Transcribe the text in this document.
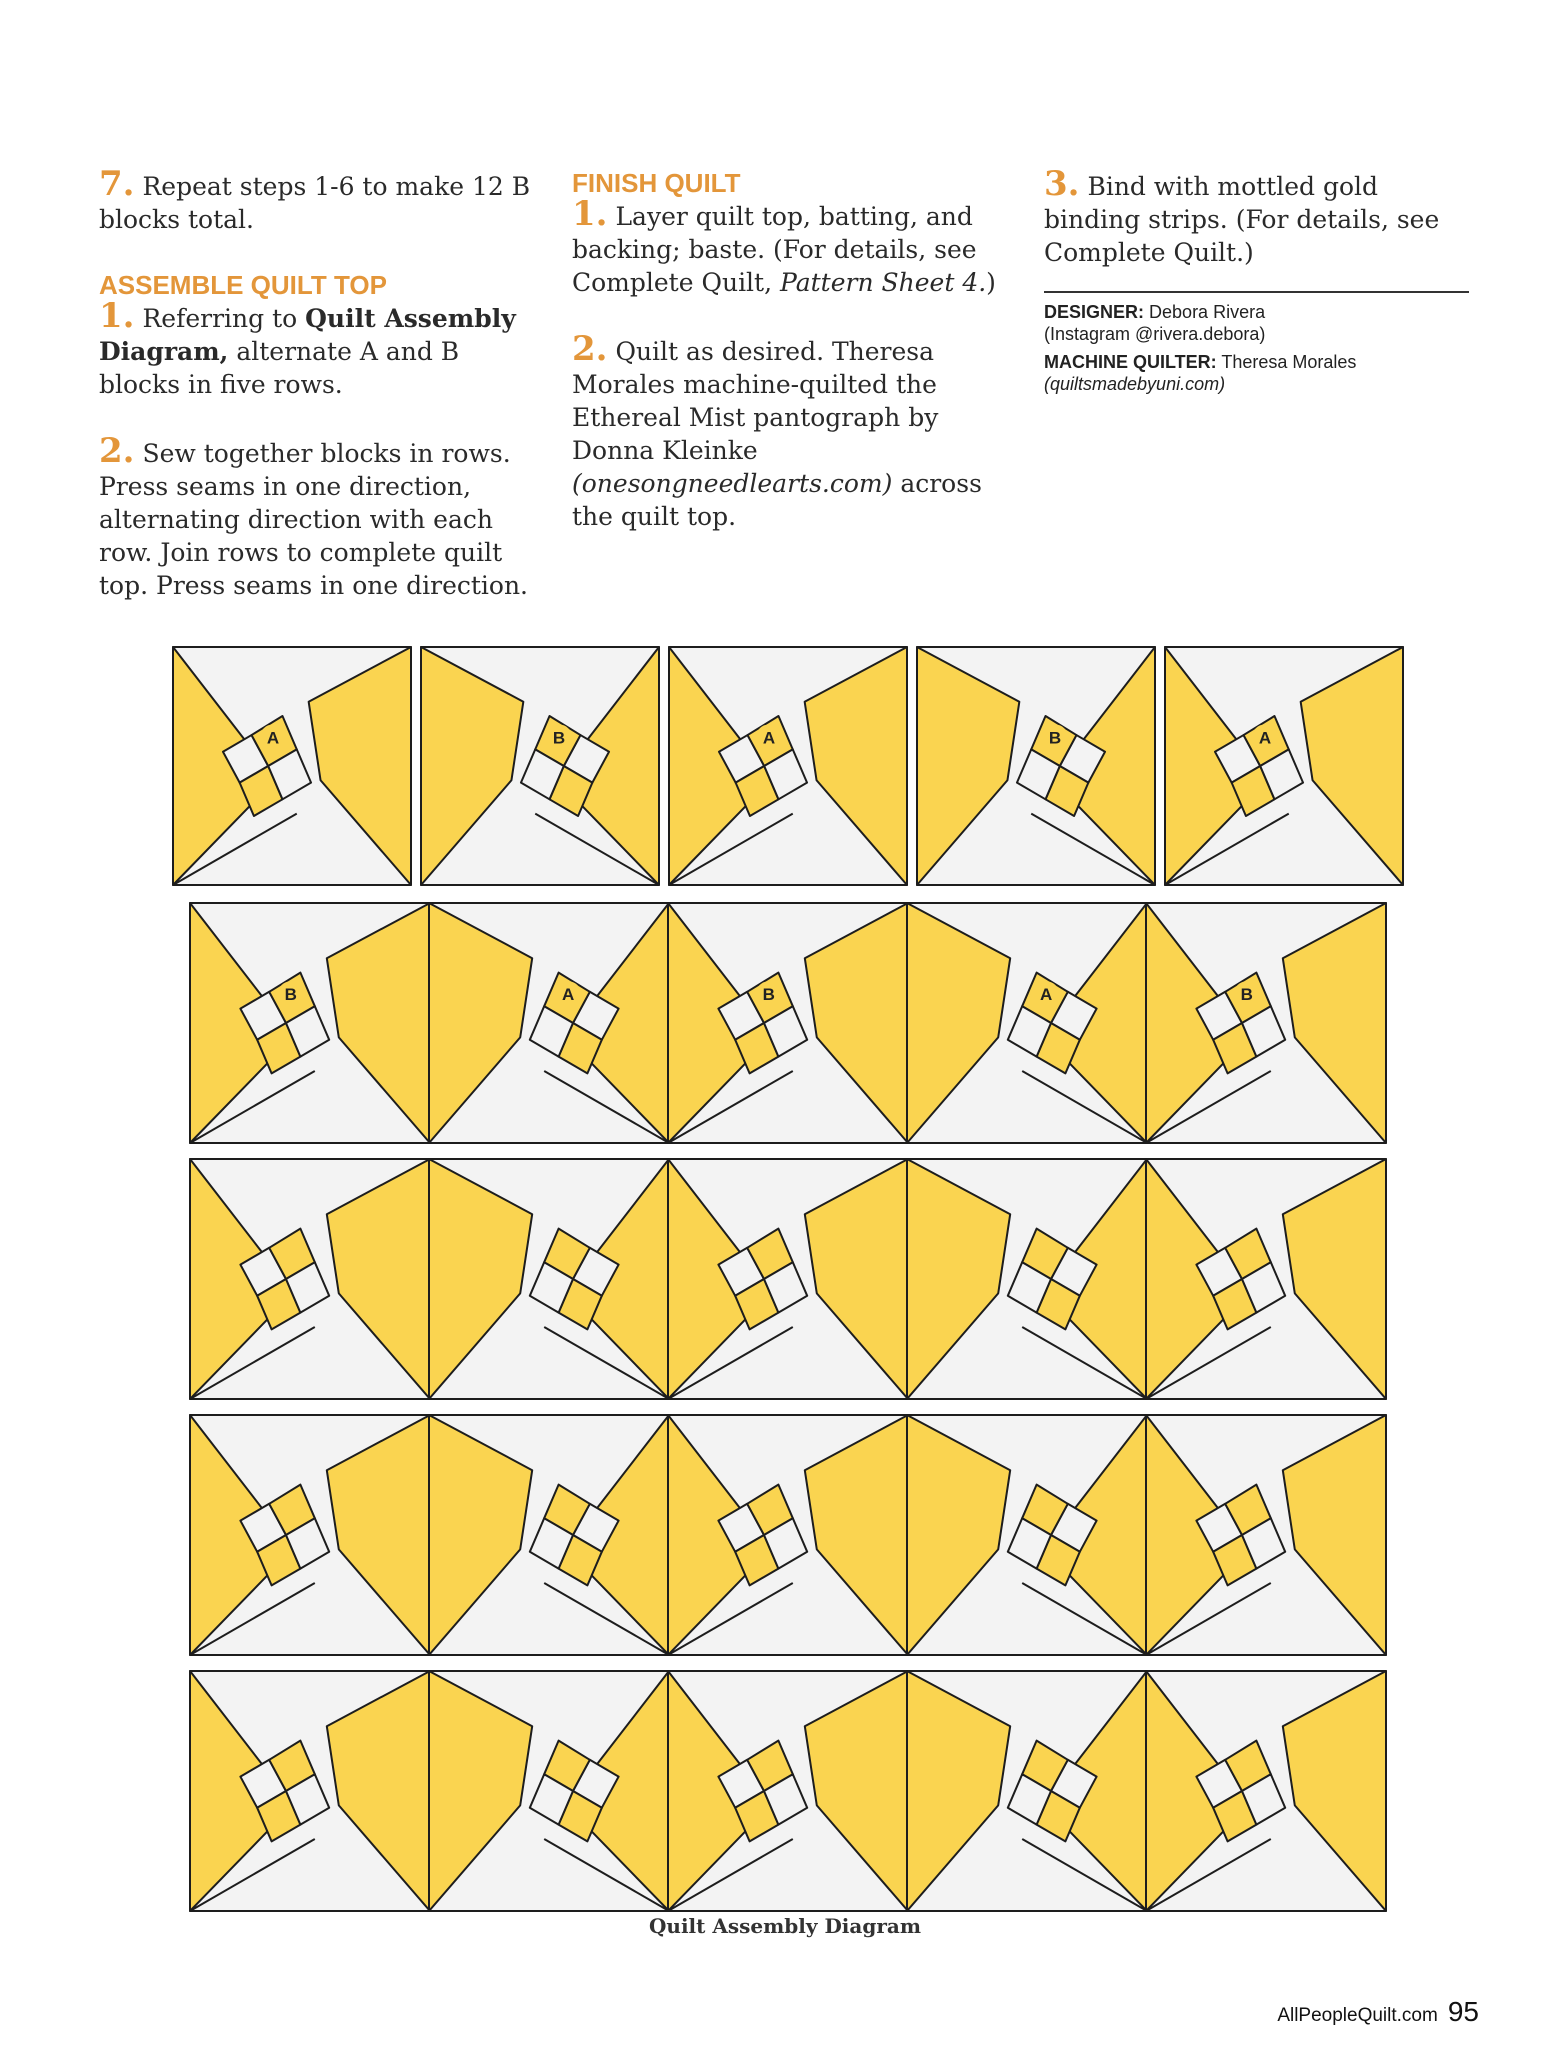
7. Repeat steps 1-6 to make 12 B blocks total.

ASSEMBLE QUILT TOP

1. Referring to Quilt Assembly Diagram, alternate A and B blocks in five rows.

2. Sew together blocks in rows. Press seams in one direction, alternating direction with each row. Join rows to complete quilt top. Press seams in one direction.

FINISH QUILT

1. Layer quilt top, batting, and backing; baste. (For details, see Complete Quilt, Pattern Sheet 4.)

2. Quilt as desired. Theresa Morales machine-quilted the Ethereal Mist pantograph by Donna Kleinke (onesongneedlearts.com) across the quilt top.

3. Bind with mottled gold binding strips. (For details, see Complete Quilt.)

DESIGNER: Debora Rivera
(Instagram @rivera.debora)
MACHINE QUILTER: Theresa Morales
(quiltsmadebyuni.com)
A	B	A	B	A
B	A	B	A	B
Quilt Assembly Diagram
AllPeopleQuilt.com 95
